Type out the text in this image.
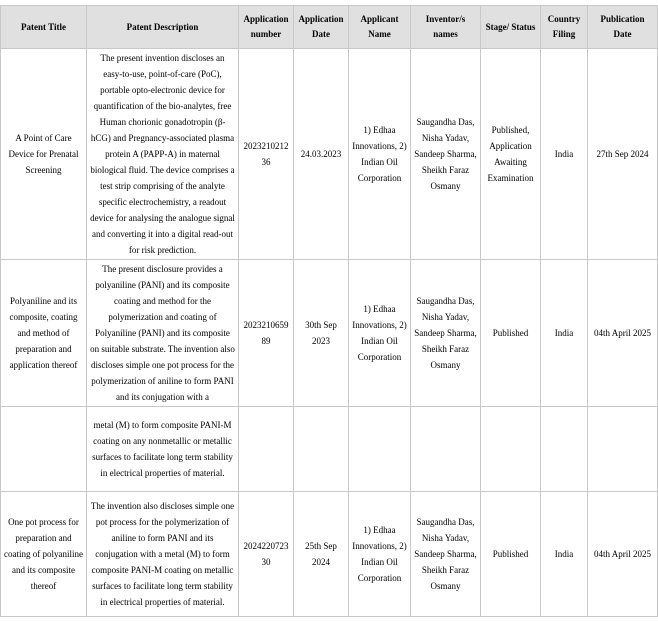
Patent Title	Patent Description	Application number	Application Date	Applicant Name	Inventor/s names	Stage/ Status	Country Filing	Publication Date
A Point of Care Device for Prenatal Screening	The present invention discloses an easy-to-use, point-of-care (PoC), portable opto-electronic device for quantification of the bio-analytes, free Human chorionic gonadotropin (β-hCG) and Pregnancy-associated plasma protein A (PAPP-A) in maternal biological fluid. The device comprises a test strip comprising of the analyte specific electrochemistry, a readout device for analysing the analogue signal and converting it into a digital read-out for risk prediction.	2023210212 36	24.03.2023	1) Edhaa Innovations, 2) Indian Oil Corporation	Saugandha Das, Nisha Yadav, Sandeep Sharma, Sheikh Faraz Osmany	Published, Application Awaiting Examination	India	27th Sep 2024
Polyaniline and its composite, coating and method of preparation and application thereof	The present disclosure provides a polyaniline (PANI) and its composite coating and method for the polymerization and coating of Polyaniline (PANI) and its composite on suitable substrate. The invention also discloses simple one pot process for the polymerization of aniline to form PANI and its conjugation with a	2023210659 89	30th Sep 2023	1) Edhaa Innovations, 2) Indian Oil Corporation	Saugandha Das, Nisha Yadav, Sandeep Sharma, Sheikh Faraz Osmany	Published	India	04th April 2025
	metal (M) to form composite PANI-M coating on any nonmetallic or metallic surfaces to facilitate long term stability in electrical properties of material.							
One pot process for preparation and coating of polyaniline and its composite thereof	The invention also discloses simple one pot process for the polymerization of aniline to form PANI and its conjugation with a metal (M) to form composite PANI-M coating on metallic surfaces to facilitate long term stability in electrical properties of material.	2024220723 30	25th Sep 2024	1) Edhaa Innovations, 2) Indian Oil Corporation	Saugandha Das, Nisha Yadav, Sandeep Sharma, Sheikh Faraz Osmany	Published	India	04th April 2025
